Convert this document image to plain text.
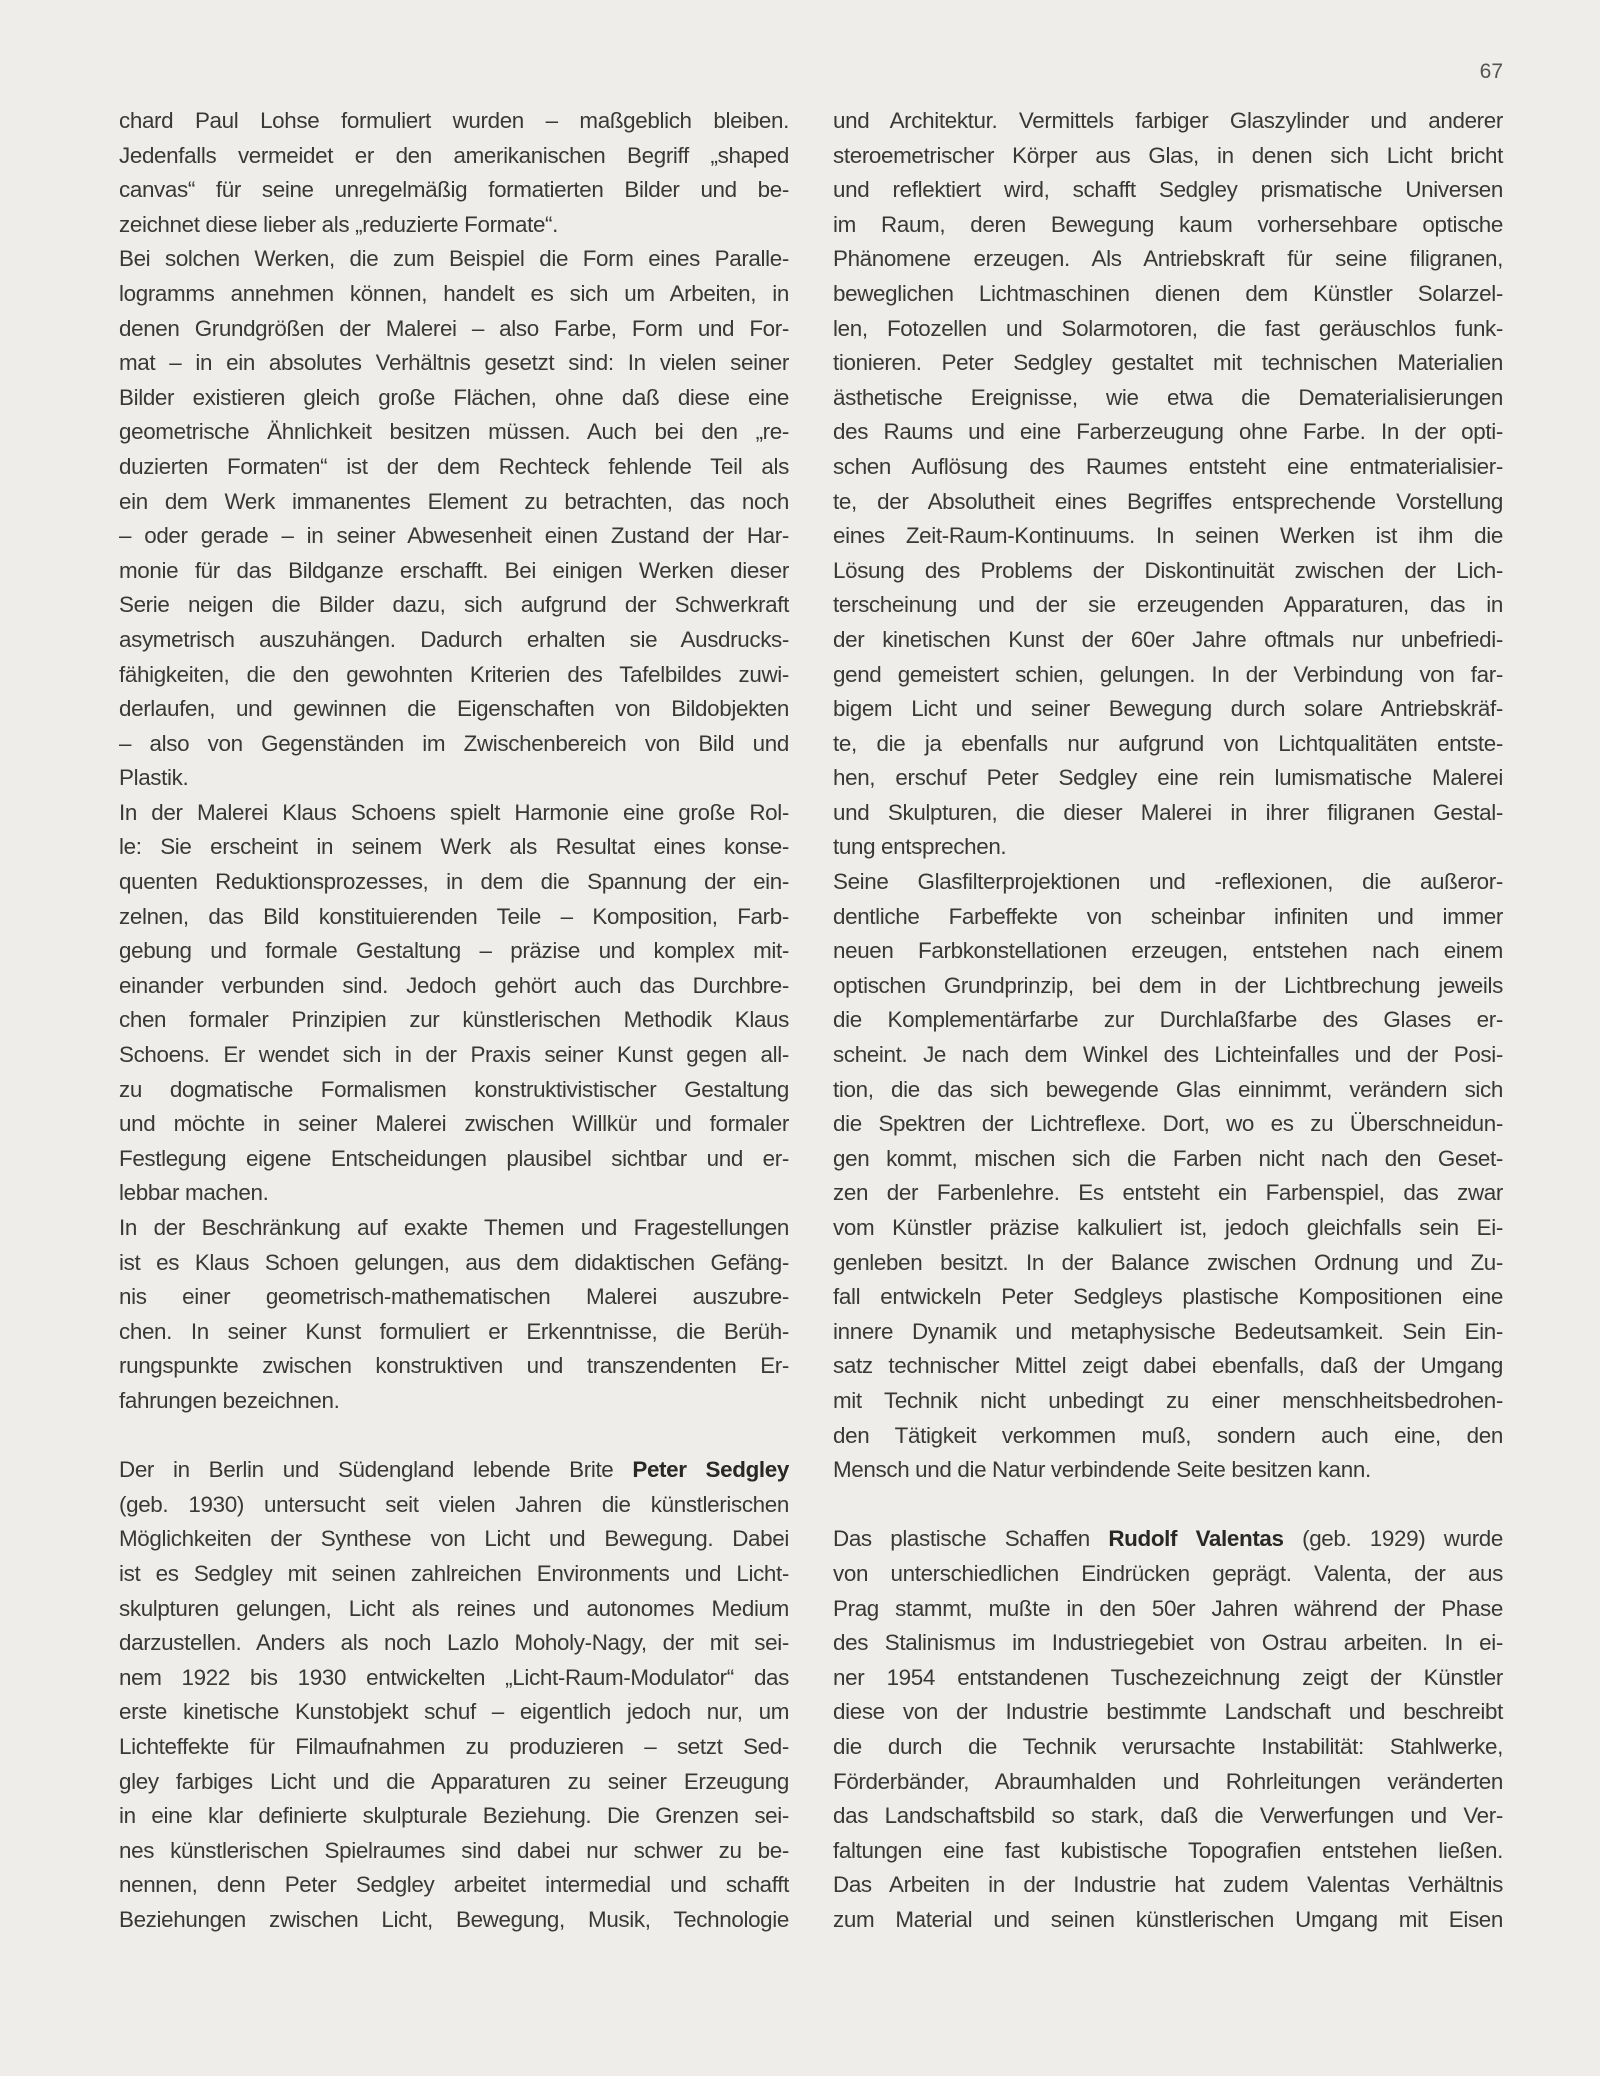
67
chard Paul Lohse formuliert wurden – maßgeblich bleiben.
Jedenfalls vermeidet er den amerikanischen Begriff „shaped
canvas“ für seine unregelmäßig formatierten Bilder und be-
zeichnet diese lieber als „reduzierte Formate“.
Bei solchen Werken, die zum Beispiel die Form eines Paralle-
logramms annehmen können, handelt es sich um Arbeiten, in
denen Grundgrößen der Malerei – also Farbe, Form und For-
mat – in ein absolutes Verhältnis gesetzt sind: In vielen seiner
Bilder existieren gleich große Flächen, ohne daß diese eine
geometrische Ähnlichkeit besitzen müssen. Auch bei den „re-
duzierten Formaten“ ist der dem Rechteck fehlende Teil als
ein dem Werk immanentes Element zu betrachten, das noch
– oder gerade – in seiner Abwesenheit einen Zustand der Har-
monie für das Bildganze erschafft. Bei einigen Werken dieser
Serie neigen die Bilder dazu, sich aufgrund der Schwerkraft
asymetrisch auszuhängen. Dadurch erhalten sie Ausdrucks-
fähigkeiten, die den gewohnten Kriterien des Tafelbildes zuwi-
derlaufen, und gewinnen die Eigenschaften von Bildobjekten
– also von Gegenständen im Zwischenbereich von Bild und
Plastik.
In der Malerei Klaus Schoens spielt Harmonie eine große Rol-
le: Sie erscheint in seinem Werk als Resultat eines konse-
quenten Reduktionsprozesses, in dem die Spannung der ein-
zelnen, das Bild konstituierenden Teile – Komposition, Farb-
gebung und formale Gestaltung – präzise und komplex mit-
einander verbunden sind. Jedoch gehört auch das Durchbre-
chen formaler Prinzipien zur künstlerischen Methodik Klaus
Schoens. Er wendet sich in der Praxis seiner Kunst gegen all-
zu dogmatische Formalismen konstruktivistischer Gestaltung
und möchte in seiner Malerei zwischen Willkür und formaler
Festlegung eigene Entscheidungen plausibel sichtbar und er-
lebbar machen.
In der Beschränkung auf exakte Themen und Fragestellungen
ist es Klaus Schoen gelungen, aus dem didaktischen Gefäng-
nis einer geometrisch-mathematischen Malerei auszubre-
chen. In seiner Kunst formuliert er Erkenntnisse, die Berüh-
rungspunkte zwischen konstruktiven und transzendenten Er-
fahrungen bezeichnen.
Der in Berlin und Südengland lebende Brite Peter Sedgley
(geb. 1930) untersucht seit vielen Jahren die künstlerischen
Möglichkeiten der Synthese von Licht und Bewegung. Dabei
ist es Sedgley mit seinen zahlreichen Environments und Licht-
skulpturen gelungen, Licht als reines und autonomes Medium
darzustellen. Anders als noch Lazlo Moholy-Nagy, der mit sei-
nem 1922 bis 1930 entwickelten „Licht-Raum-Modulator“ das
erste kinetische Kunstobjekt schuf – eigentlich jedoch nur, um
Lichteffekte für Filmaufnahmen zu produzieren – setzt Sed-
gley farbiges Licht und die Apparaturen zu seiner Erzeugung
in eine klar definierte skulpturale Beziehung. Die Grenzen sei-
nes künstlerischen Spielraumes sind dabei nur schwer zu be-
nennen, denn Peter Sedgley arbeitet intermedial und schafft
Beziehungen zwischen Licht, Bewegung, Musik, Technologie
und Architektur. Vermittels farbiger Glaszylinder und anderer
steroemetrischer Körper aus Glas, in denen sich Licht bricht
und reflektiert wird, schafft Sedgley prismatische Universen
im Raum, deren Bewegung kaum vorhersehbare optische
Phänomene erzeugen. Als Antriebskraft für seine filigranen,
beweglichen Lichtmaschinen dienen dem Künstler Solarzel-
len, Fotozellen und Solarmotoren, die fast geräuschlos funk-
tionieren. Peter Sedgley gestaltet mit technischen Materialien
ästhetische Ereignisse, wie etwa die Dematerialisierungen
des Raums und eine Farberzeugung ohne Farbe. In der opti-
schen Auflösung des Raumes entsteht eine entmaterialisier-
te, der Absolutheit eines Begriffes entsprechende Vorstellung
eines Zeit-Raum-Kontinuums. In seinen Werken ist ihm die
Lösung des Problems der Diskontinuität zwischen der Lich-
terscheinung und der sie erzeugenden Apparaturen, das in
der kinetischen Kunst der 60er Jahre oftmals nur unbefriedi-
gend gemeistert schien, gelungen. In der Verbindung von far-
bigem Licht und seiner Bewegung durch solare Antriebskräf-
te, die ja ebenfalls nur aufgrund von Lichtqualitäten entste-
hen, erschuf Peter Sedgley eine rein lumismatische Malerei
und Skulpturen, die dieser Malerei in ihrer filigranen Gestal-
tung entsprechen.
Seine Glasfilterprojektionen und -reflexionen, die außeror-
dentliche Farbeffekte von scheinbar infiniten und immer
neuen Farbkonstellationen erzeugen, entstehen nach einem
optischen Grundprinzip, bei dem in der Lichtbrechung jeweils
die Komplementärfarbe zur Durchlaßfarbe des Glases er-
scheint. Je nach dem Winkel des Lichteinfalles und der Posi-
tion, die das sich bewegende Glas einnimmt, verändern sich
die Spektren der Lichtreflexe. Dort, wo es zu Überschneidun-
gen kommt, mischen sich die Farben nicht nach den Geset-
zen der Farbenlehre. Es entsteht ein Farbenspiel, das zwar
vom Künstler präzise kalkuliert ist, jedoch gleichfalls sein Ei-
genleben besitzt. In der Balance zwischen Ordnung und Zu-
fall entwickeln Peter Sedgleys plastische Kompositionen eine
innere Dynamik und metaphysische Bedeutsamkeit. Sein Ein-
satz technischer Mittel zeigt dabei ebenfalls, daß der Umgang
mit Technik nicht unbedingt zu einer menschheitsbedrohen-
den Tätigkeit verkommen muß, sondern auch eine, den
Mensch und die Natur verbindende Seite besitzen kann.
Das plastische Schaffen Rudolf Valentas (geb. 1929) wurde
von unterschiedlichen Eindrücken geprägt. Valenta, der aus
Prag stammt, mußte in den 50er Jahren während der Phase
des Stalinismus im Industriegebiet von Ostrau arbeiten. In ei-
ner 1954 entstandenen Tuschezeichnung zeigt der Künstler
diese von der Industrie bestimmte Landschaft und beschreibt
die durch die Technik verursachte Instabilität: Stahlwerke,
Förderbänder, Abraumhalden und Rohrleitungen veränderten
das Landschaftsbild so stark, daß die Verwerfungen und Ver-
faltungen eine fast kubistische Topografien entstehen ließen.
Das Arbeiten in der Industrie hat zudem Valentas Verhältnis
zum Material und seinen künstlerischen Umgang mit Eisen
